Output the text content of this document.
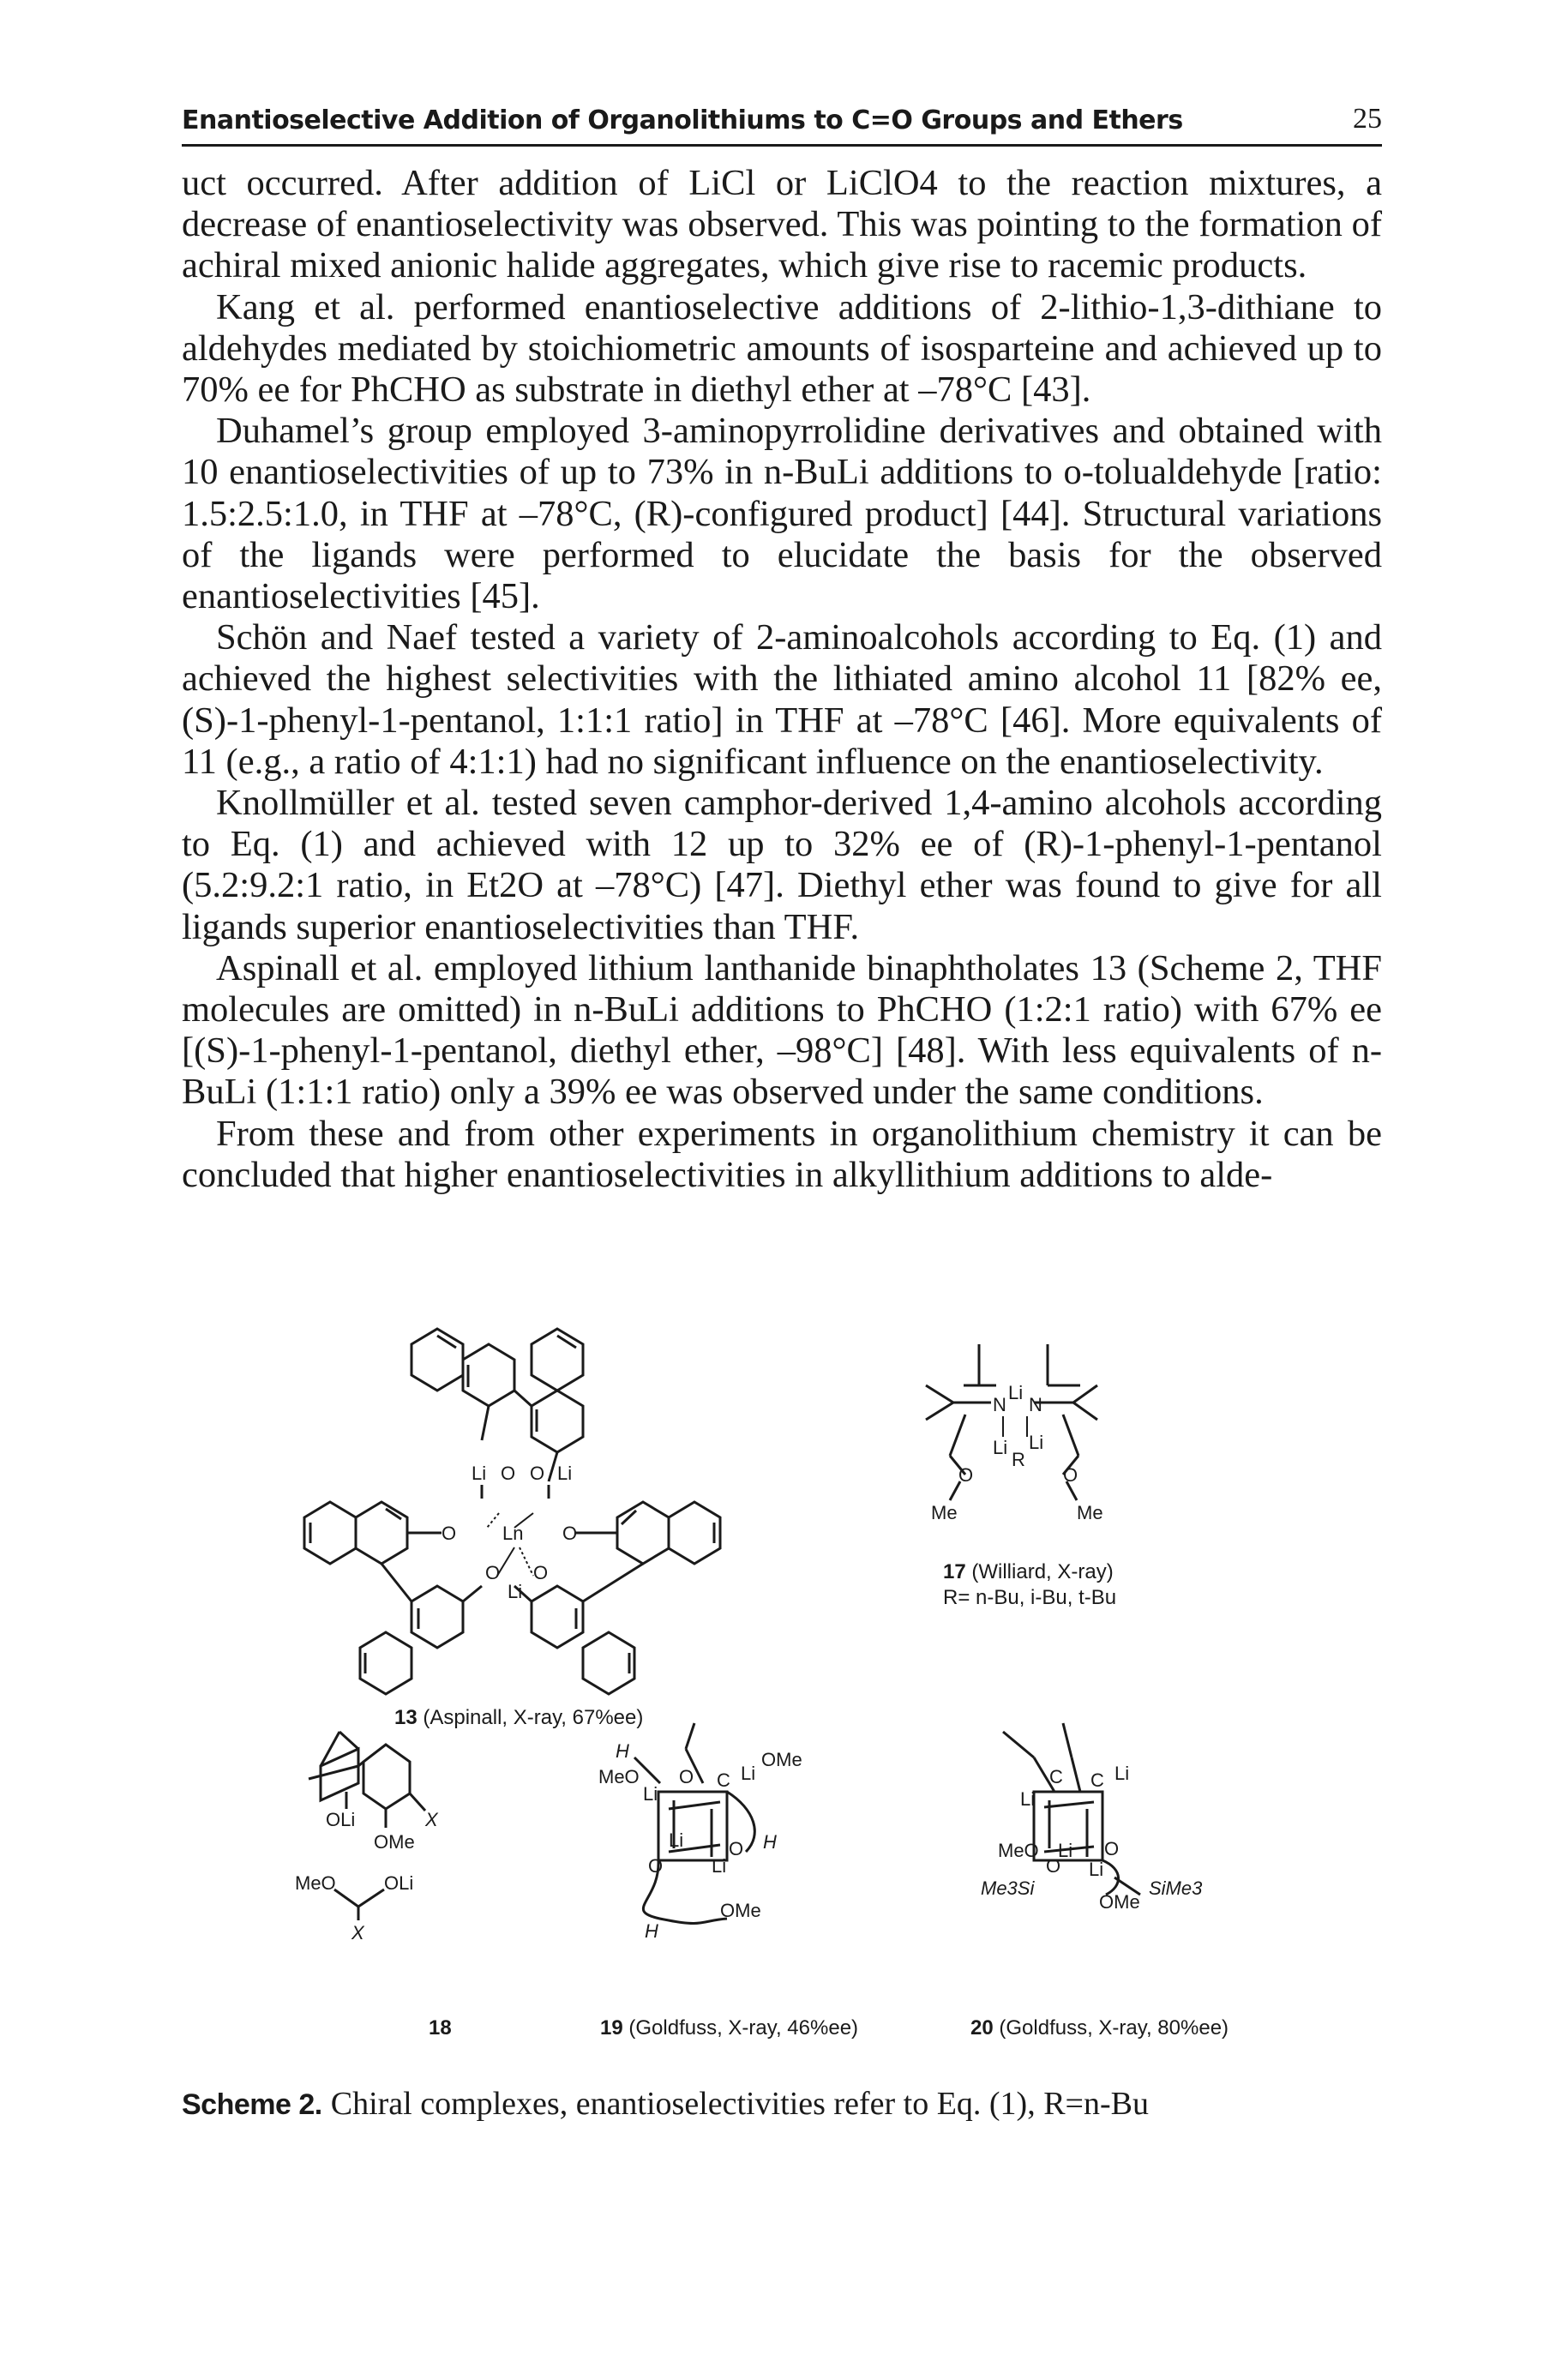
Enantioselective Addition of Organolithiums to C=O Groups and Ethers	25

uct occurred. After addition of LiCl or LiClO4 to the reaction mixtures, a decrease of enantioselectivity was observed. This was pointing to the formation of achiral mixed anionic halide aggregates, which give rise to racemic products.

Kang et al. performed enantioselective additions of 2-lithio-1,3-dithiane to aldehydes mediated by stoichiometric amounts of isosparteine and achieved up to 70% ee for PhCHO as substrate in diethyl ether at –78°C [43].

Duhamel’s group employed 3-aminopyrrolidine derivatives and obtained with 10 enantioselectivities of up to 73% in n-BuLi additions to o-tolualdehyde [ratio: 1.5:2.5:1.0, in THF at –78°C, (R)-configured product] [44]. Structural variations of the ligands were performed to elucidate the basis for the observed enantioselectivities [45].

Schön and Naef tested a variety of 2-aminoalcohols according to Eq. (1) and achieved the highest selectivities with the lithiated amino alcohol 11 [82% ee, (S)-1-phenyl-1-pentanol, 1:1:1 ratio] in THF at –78°C [46]. More equivalents of 11 (e.g., a ratio of 4:1:1) had no significant influence on the enantioselectivity.

Knollmüller et al. tested seven camphor-derived 1,4-amino alcohols according to Eq. (1) and achieved with 12 up to 32% ee of (R)-1-phenyl-1-pentanol (5.2:9.2:1 ratio, in Et2O at –78°C) [47]. Diethyl ether was found to give for all ligands superior enantioselectivities than THF.

Aspinall et al. employed lithium lanthanide binaphtholates 13 (Scheme 2, THF molecules are omitted) in n-BuLi additions to PhCHO (1:2:1 ratio) with 67% ee [(S)-1-phenyl-1-pentanol, diethyl ether, –98°C] [48]. With less equivalents of n-BuLi (1:1:1 ratio) only a 39% ee was observed under the same conditions.

From these and from other experiments in organolithium chemistry it can be concluded that higher enantioselectivities in alkyllithium additions to alde-

Li O O Li
O Ln O
O O
Li
N
Li
N
Li
R
Li
O	O
Me	Me
OLi
OMe
X
MeO	OLi
X
MeO
Li
O C Li
OMe
H
Li O H
O	Li
OMe
H
C
Li
C Li
MeO Li O
O Li
SiMe3
Me3Si
OMe
13 (Aspinall, X-ray, 67%ee)
17 (Williard, X-ray)
R= n-Bu, i-Bu, t-Bu
18	19 (Goldfuss, X-ray, 46%ee)	20 (Goldfuss, X-ray, 80%ee)
Scheme 2. Chiral complexes, enantioselectivities refer to Eq. (1), R=n-Bu
